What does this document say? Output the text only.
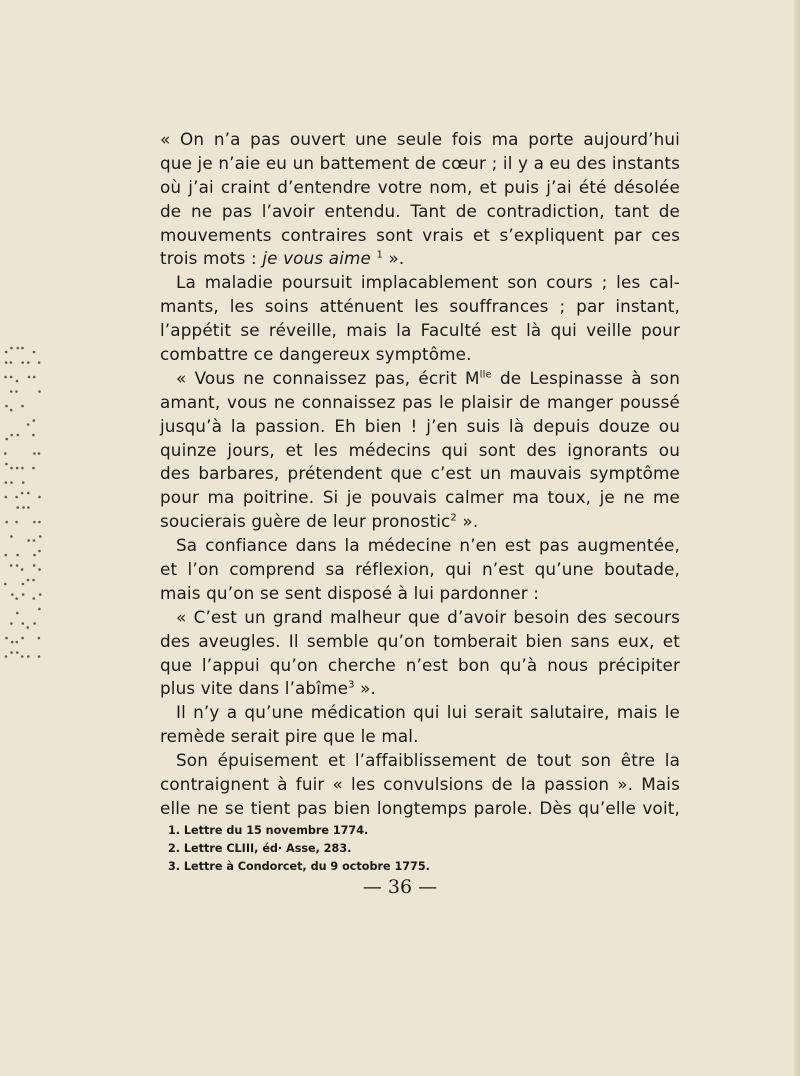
« On n’a pas ouvert une seule fois ma porte aujourd’hui
que je n’aie eu un battement de cœur ; il y a eu des instants
où j’ai craint d’entendre votre nom, et puis j’ai été désolée
de ne pas l’avoir entendu. Tant de contradiction, tant de
mouvements contraires sont vrais et s’expliquent par ces
trois mots : je vous aime $^1$ ».
La maladie poursuit implacablement son cours ; les cal-
mants, les soins atténuent les souffrances ; par instant,
l’appétit se réveille, mais la Faculté est là qui veille pour
combattre ce dangereux symptôme.
« Vous ne connaissez pas, écrit $M^{lle}$ de Lespinasse à son
amant, vous ne connaissez pas le plaisir de manger poussé
jusqu’à la passion. Eh bien ! j’en suis là depuis douze ou
quinze jours, et les médecins qui sont des ignorants ou
des barbares, prétendent que c’est un mauvais symptôme
pour ma poitrine. Si je pouvais calmer ma toux, je ne me
soucierais guère de leur pronostic$^2$ ».
Sa confiance dans la médecine n’en est pas augmentée,
et l’on comprend sa réflexion, qui n’est qu’une boutade,
mais qu’on se sent disposé à lui pardonner :
« C’est un grand malheur que d’avoir besoin des secours
des aveugles. Il semble qu’on tomberait bien sans eux, et
que l’appui qu’on cherche n’est bon qu’à nous précipiter
plus vite dans l’abîme$^3$ ».
Il n’y a qu’une médication qui lui serait salutaire, mais le
remède serait pire que le mal.
Son épuisement et l’affaiblissement de tout son être la
contraignent à fuir « les convulsions de la passion ». Mais
elle ne se tient pas bien longtemps parole. Dès qu’elle voit,
1. Lettre du 15 novembre 1774.
2. Lettre CLIII, éd· Asse, 283.
3. Lettre à Condorcet, du 9 octobre 1775.
— 36 —
